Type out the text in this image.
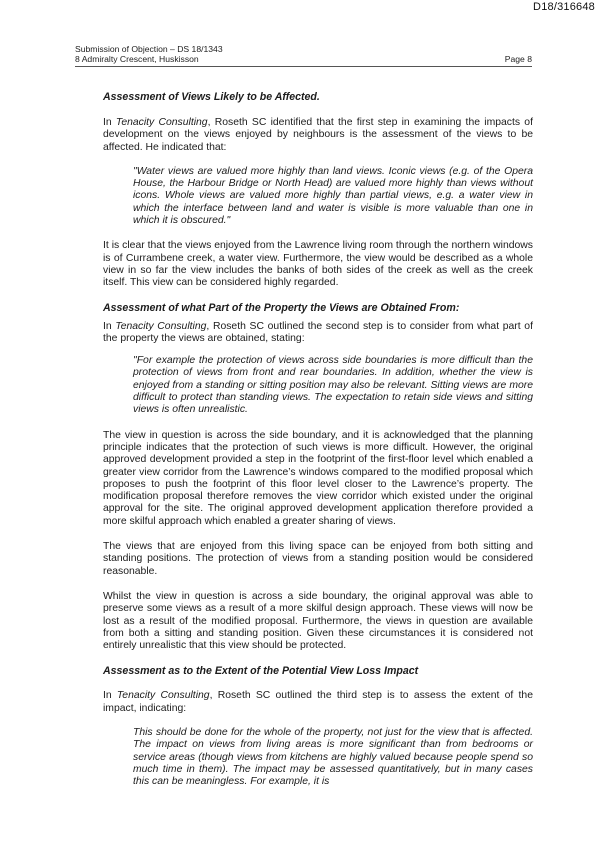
D18/316648
Submission of Objection – DS 18/1343
8 Admiralty Crescent, Huskisson	Page 8
Assessment of Views Likely to be Affected.

In Tenacity Consulting, Roseth SC identified that the first step in examining the impacts of development on the views enjoyed by neighbours is the assessment of the views to be affected. He indicated that:

"Water views are valued more highly than land views. Iconic views (e.g. of the Opera House, the Harbour Bridge or North Head) are valued more highly than views without icons. Whole views are valued more highly than partial views, e.g. a water view in which the interface between land and water is visible is more valuable than one in which it is obscured."

It is clear that the views enjoyed from the Lawrence living room through the northern windows is of Currambene creek, a water view. Furthermore, the view would be described as a whole view in so far the view includes the banks of both sides of the creek as well as the creek itself. This view can be considered highly regarded.

Assessment of what Part of the Property the Views are Obtained From:

In Tenacity Consulting, Roseth SC outlined the second step is to consider from what part of the property the views are obtained, stating:

"For example the protection of views across side boundaries is more difficult than the protection of views from front and rear boundaries. In addition, whether the view is enjoyed from a standing or sitting position may also be relevant. Sitting views are more difficult to protect than standing views. The expectation to retain side views and sitting views is often unrealistic.

The view in question is across the side boundary, and it is acknowledged that the planning principle indicates that the protection of such views is more difficult. However, the original approved development provided a step in the footprint of the first-floor level which enabled a greater view corridor from the Lawrence’s windows compared to the modified proposal which proposes to push the footprint of this floor level closer to the Lawrence’s property. The modification proposal therefore removes the view corridor which existed under the original approval for the site. The original approved development application therefore provided a more skilful approach which enabled a greater sharing of views.

The views that are enjoyed from this living space can be enjoyed from both sitting and standing positions. The protection of views from a standing position would be considered reasonable.

Whilst the view in question is across a side boundary, the original approval was able to preserve some views as a result of a more skilful design approach. These views will now be lost as a result of the modified proposal. Furthermore, the views in question are available from both a sitting and standing position. Given these circumstances it is considered not entirely unrealistic that this view should be protected.

Assessment as to the Extent of the Potential View Loss Impact

In Tenacity Consulting, Roseth SC outlined the third step is to assess the extent of the impact, indicating:

This should be done for the whole of the property, not just for the view that is affected. The impact on views from living areas is more significant than from bedrooms or service areas (though views from kitchens are highly valued because people spend so much time in them). The impact may be assessed quantitatively, but in many cases this can be meaningless. For example, it is
